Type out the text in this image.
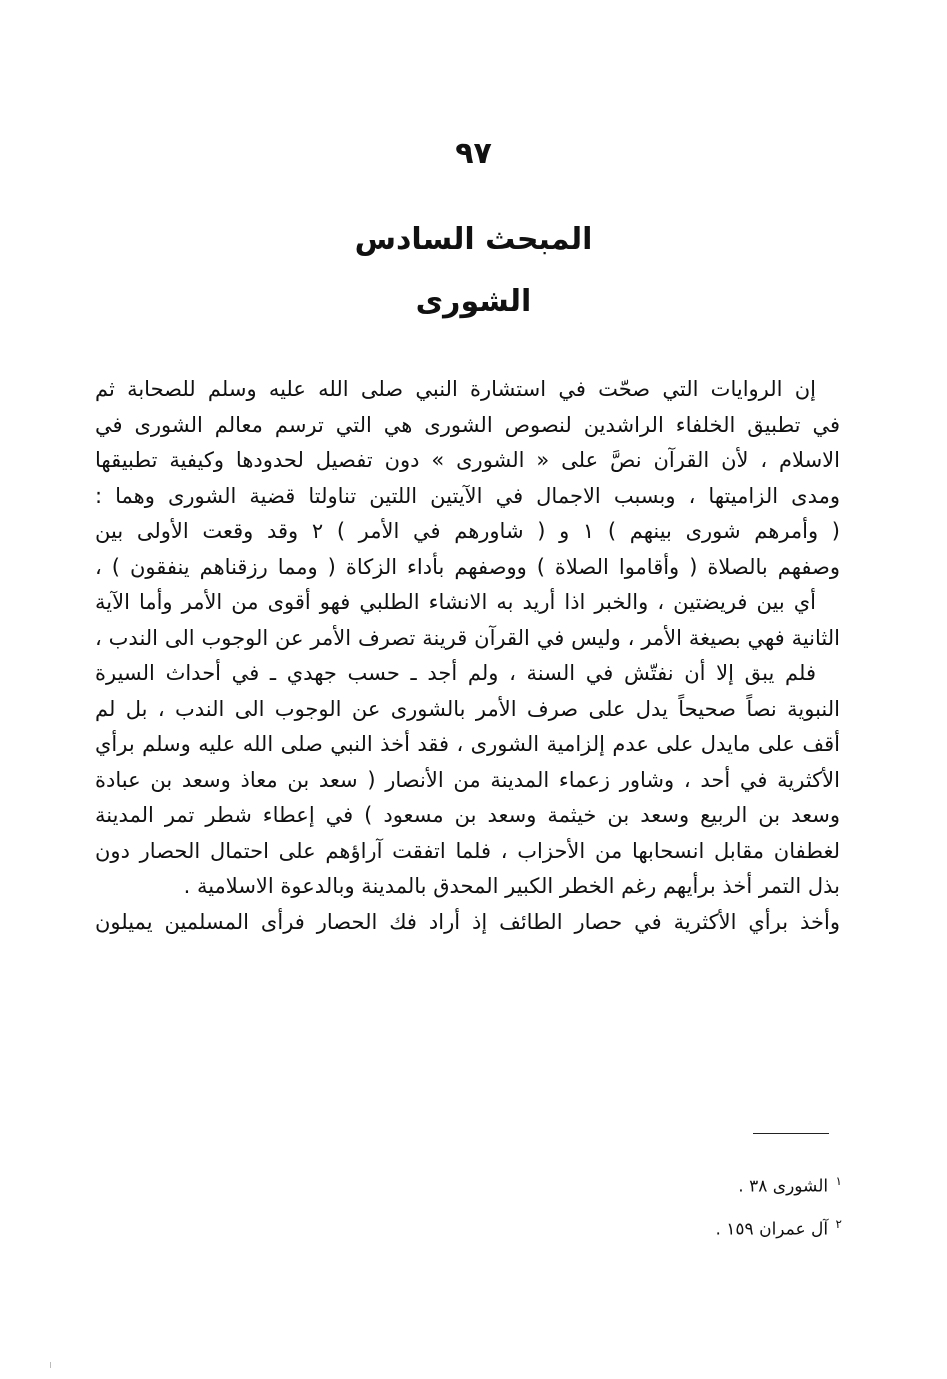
٩٧
المبحث السادس
الشورى
إن الروايات التي صحّت في استشارة النبي صلى الله عليه وسلم للصحابة ثم
في تطبيق الخلفاء الراشدين لنصوص الشورى هي التي ترسم معالم الشورى في
الاسلام ، لأن القرآن نصَّ على « الشورى » دون تفصيل لحدودها وكيفية تطبيقها
ومدى الزاميتها ، وبسبب الاجمال في الآيتين اللتين تناولتا قضية الشورى وهما :
( وأمرهم شورى بينهم ) ١ و ( شاورهم في الأمر ) ٢ وقد وقعت الأولى بين
وصفهم بالصلاة ( وأقاموا الصلاة ) ووصفهم بأداء الزكاة ( ومما رزقناهم ينفقون ) ،
أي بين فريضتين ، والخبر اذا أريد به الانشاء الطلبي فهو أقوى من الأمر وأما الآية
الثانية فهي بصيغة الأمر ، وليس في القرآن قرينة تصرف الأمر عن الوجوب الى الندب ،
فلم يبق إلا أن نفتّش في السنة ، ولم أجد ـ حسب جهدي ـ في أحداث السيرة
النبوية نصاً صحيحاً يدل على صرف الأمر بالشورى عن الوجوب الى الندب ، بل لم
أقف على مايدل على عدم إلزامية الشورى ، فقد أخذ النبي صلى الله عليه وسلم برأي
الأكثرية في أحد ، وشاور زعماء المدينة من الأنصار ( سعد بن معاذ وسعد بن عبادة
وسعد بن الربيع وسعد بن خيثمة وسعد بن مسعود ) في إعطاء شطر تمر المدينة
لغطفان مقابل انسحابها من الأحزاب ، فلما اتفقت آراؤهم على احتمال الحصار دون
بذل التمر أخذ برأيهم رغم الخطر الكبير المحدق بالمدينة وبالدعوة الاسلامية .
وأخذ برأي الأكثرية في حصار الطائف إذ أراد فك الحصار فرأى المسلمين يميلون
$^١$ الشورى ٣٨ .
$^٢$ آل عمران ١٥٩ .
